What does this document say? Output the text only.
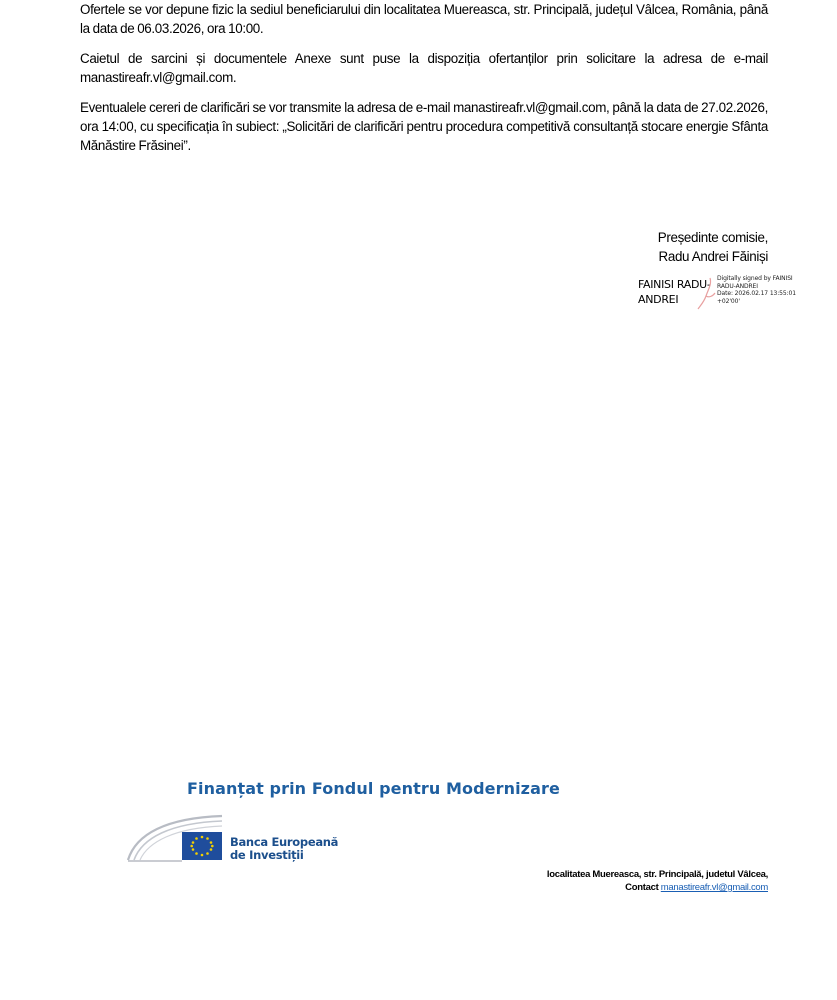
Ofertele se vor depune fizic la sediul beneficiarului din localitatea Muereasca, str. Principală, județul Vâlcea, România, până la data de 06.03.2026, ora 10:00.

Caietul de sarcini și documentele Anexe sunt puse la dispoziția ofertanților prin solicitare la adresa de e-mail manastireafr.vl@gmail.com.

Eventualele cereri de clarificări se vor transmite la adresa de e-mail manastireafr.vl@gmail.com, până la data de 27.02.2026, ora 14:00, cu specificația în subiect: „Solicitări de clarificări pentru procedura competitivă consultanță stocare energie Sfânta Mănăstire Frăsinei”.

Președinte comisie,
Radu Andrei Făiniși
FAINISI RADU-
ANDREI
Digitally signed by FAINISI
RADU-ANDREI
Date: 2026.02.17 13:55:01
+02'00'
Finanțat prin Fondul pentru Modernizare
Banca Europeană
de Investiții
localitatea Muereasca, str. Principală, judetul Vâlcea,
Contact manastireafr.vl@gmail.com
